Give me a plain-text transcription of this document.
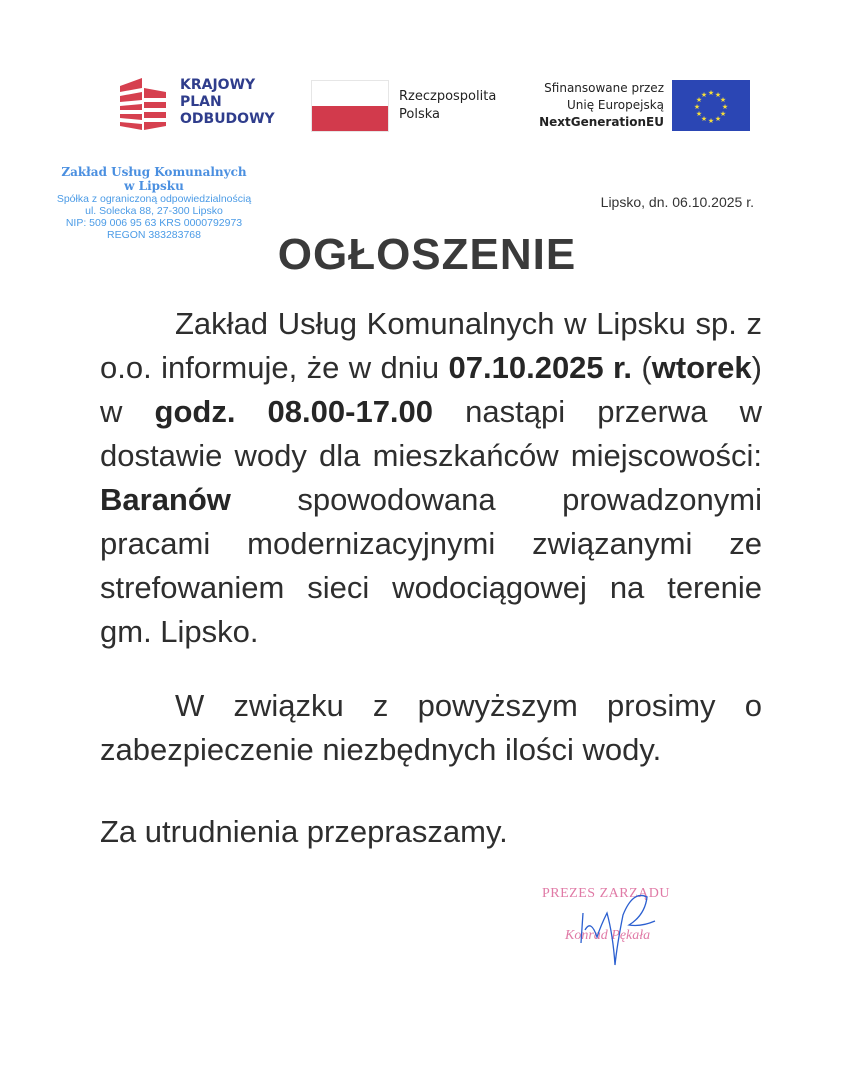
KRAJOWY
PLAN
ODBUDOWY
Rzeczpospolita
Polska
Sfinansowane przez
Unię Europejską
NextGenerationEU
★ ★
★
★
★
★
★
★
★
★
★
★
Zakład Usług Komunalnych
w Lipsku
Spółka z ograniczoną odpowiedzialnością
ul. Solecka 88, 27-300 Lipsko
NIP: 509 006 95 63 KRS 0000792973
REGON 383283768
Lipsko, dn. 06.10.2025 r.
OGŁOSZENIE

Zakład Usług Komunalnych w Lipsku sp. z o.o. informuje, że w dniu 07.10.2025 r. (wtorek) w godz. 08.00-17.00 nastąpi przerwa w dostawie wody dla mieszkańców miejscowości: Baranów spowodowana prowadzonymi pracami modernizacyjnymi związanymi ze strefowaniem sieci wodociągowej na terenie gm. Lipsko.

W związku z powyższym prosimy o zabezpieczenie niezbędnych ilości wody.

Za utrudnienia przepraszamy.

PREZES ZARZĄDU
Konrad Pękała
